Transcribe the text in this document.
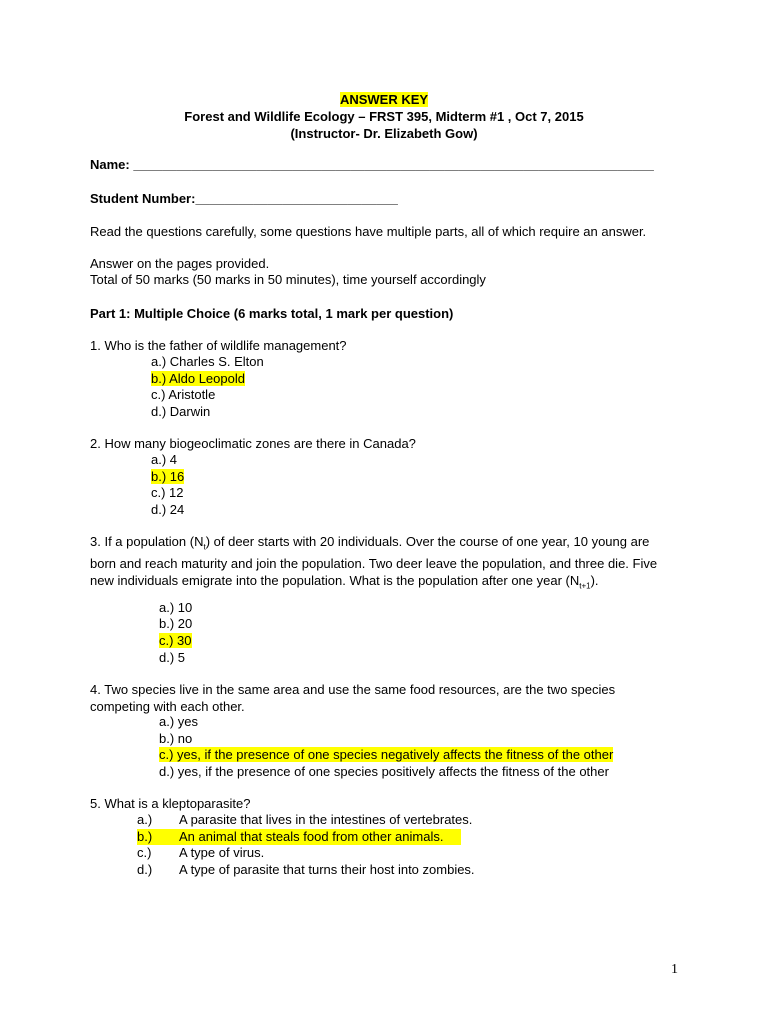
ANSWER KEY
Forest and Wildlife Ecology – FRST 395, Midterm #1 , Oct 7, 2015
(Instructor- Dr. Elizabeth Gow)
Name: ________________________________________________________________________
Student Number:____________________________
Read the questions carefully, some questions have multiple parts, all of which require an answer.
Answer on the pages provided.
Total of 50 marks (50 marks in 50 minutes), time yourself accordingly
Part 1: Multiple Choice (6 marks total, 1 mark per question)
1. Who is the father of wildlife management?
a.) Charles S. Elton
b.) Aldo Leopold
c.) Aristotle
d.) Darwin
2. How many biogeoclimatic zones are there in Canada?
a.) 4
b.) 16
c.) 12
d.) 24
3. If a population $(N_t)$ of deer starts with 20 individuals. Over the course of one year, 10 young are born and reach maturity and join the population. Two deer leave the population, and three die. Five new individuals emigrate into the population. What is the population after one year $(N_{t+1})$.
a.) 10
b.) 20
c.) 30
d.) 5
4. Two species live in the same area and use the same food resources, are the two species competing with each other.
a.) yes
b.) no
c.) yes, if the presence of one species negatively affects the fitness of the other
d.) yes, if the presence of one species positively affects the fitness of the other
5. What is a kleptoparasite?
a.) A parasite that lives in the intestines of vertebrates.
b.) An animal that steals food from other animals.
c.) A type of virus.
d.) A type of parasite that turns their host into zombies.
1
